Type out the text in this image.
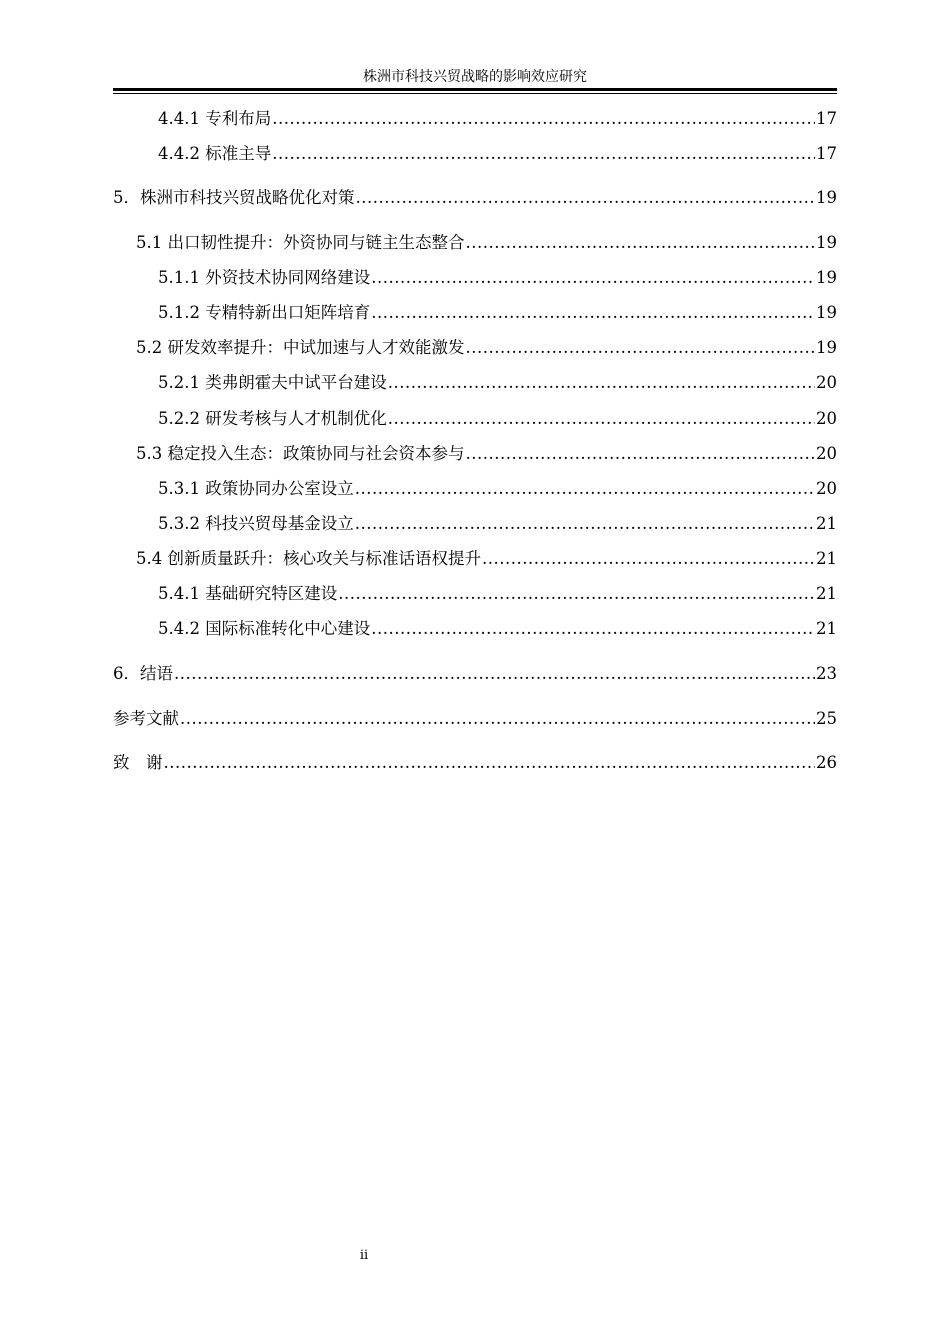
株洲市科技兴贸战略的影响效应研究
4.4.1 专利布局 .....	17
4.4.2 标准主导 .....	17
5．株洲市科技兴贸战略优化对策 .....	19
5.1 出口韧性提升：外资协同与链主生态整合 .....	19
5.1.1 外资技术协同网络建设 .....	19
5.1.2 专精特新出口矩阵培育 .....	19
5.2 研发效率提升：中试加速与人才效能激发 .....	19
5.2.1 类弗朗霍夫中试平台建设 .....	20
5.2.2 研发考核与人才机制优化 .....	20
5.3 稳定投入生态：政策协同与社会资本参与 .....	20
5.3.1 政策协同办公室设立 .....	20
5.3.2 科技兴贸母基金设立 .....	21
5.4 创新质量跃升：核心攻关与标准话语权提升 .....	21
5.4.1 基础研究特区建设 .....	21
5.4.2 国际标准转化中心建设 .....	21
6．结语 .....	23
参考文献 .....	25
致　谢 .....	26
ii
